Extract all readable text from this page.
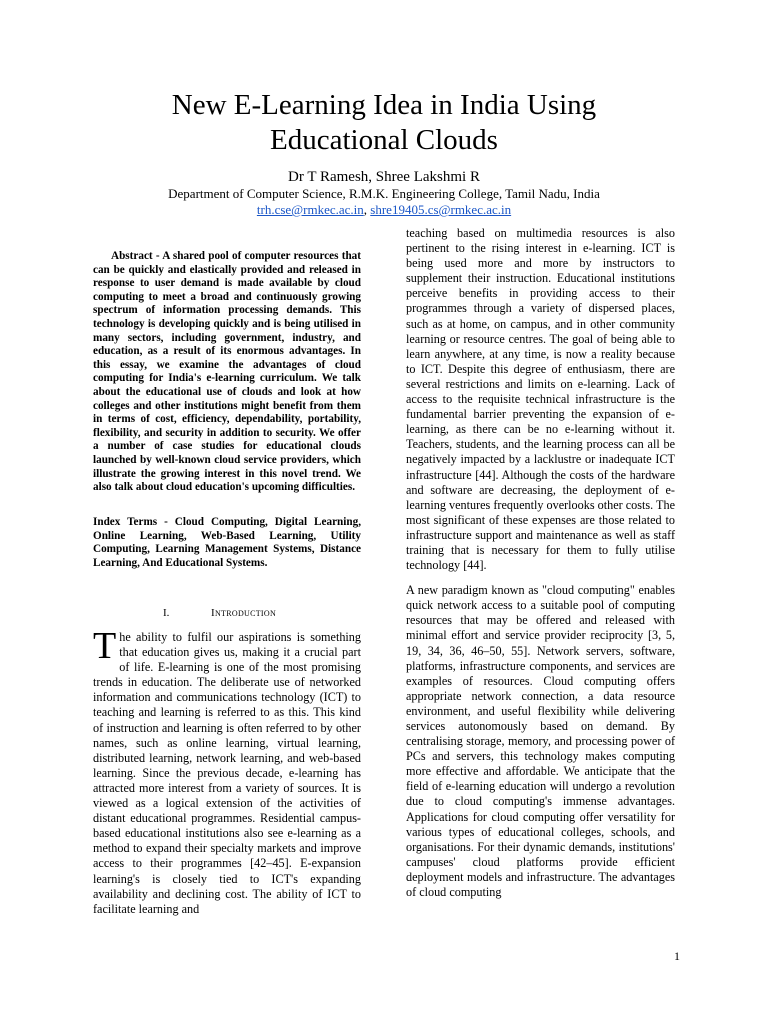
New E-Learning Idea in India Using
Educational Clouds
Dr T Ramesh, Shree Lakshmi R
Department of Computer Science, R.M.K. Engineering College, Tamil Nadu, India
trh.cse@rmkec.ac.in, shre19405.cs@rmkec.ac.in

Abstract - A shared pool of computer resources that can be quickly and elastically provided and released in response to user demand is made available by cloud computing to meet a broad and continuously growing spectrum of information processing demands. This technology is developing quickly and is being utilised in many sectors, including government, industry, and education, as a result of its enormous advantages. In this essay, we examine the advantages of cloud computing for India's e-learning curriculum. We talk about the educational use of clouds and look at how colleges and other institutions might benefit from them in terms of cost, efficiency, dependability, portability, flexibility, and security in addition to security. We offer a number of case studies for educational clouds launched by well-known cloud service providers, which illustrate the growing interest in this novel trend. We also talk about cloud education's upcoming difficulties.

Index Terms - Cloud Computing, Digital Learning, Online Learning, Web-Based Learning, Utility Computing, Learning Management Systems, Distance Learning, And Educational Systems.

I.	Introduction
The ability to fulfil our aspirations is something that education gives us, making it a crucial part of life. E-learning is one of the most promising trends in education. The deliberate use of networked information and communications technology (ICT) to teaching and learning is referred to as this. This kind of instruction and learning is often referred to by other names, such as online learning, virtual learning, distributed learning, network learning, and web-based learning. Since the previous decade, e-learning has attracted more interest from a variety of sources. It is viewed as a logical extension of the activities of distant educational programmes. Residential campus-based educational institutions also see e-learning as a method to expand their specialty markets and improve access to their programmes [42–45]. E-expansion learning's is closely tied to ICT's expanding availability and declining cost. The ability of ICT to facilitate learning and

teaching based on multimedia resources is also pertinent to the rising interest in e-learning. ICT is being used more and more by instructors to supplement their instruction. Educational institutions perceive benefits in providing access to their programmes through a variety of dispersed places, such as at home, on campus, and in other community learning or resource centres. The goal of being able to learn anywhere, at any time, is now a reality because to ICT. Despite this degree of enthusiasm, there are several restrictions and limits on e-learning. Lack of access to the requisite technical infrastructure is the fundamental barrier preventing the expansion of e-learning, as there can be no e-learning without it. Teachers, students, and the learning process can all be negatively impacted by a lacklustre or inadequate ICT infrastructure [44]. Although the costs of the hardware and software are decreasing, the deployment of e-learning ventures frequently overlooks other costs. The most significant of these expenses are those related to infrastructure support and maintenance as well as staff training that is necessary for them to fully utilise technology [44].

A new paradigm known as "cloud computing" enables quick network access to a suitable pool of computing resources that may be offered and released with minimal effort and service provider reciprocity [3, 5, 19, 34, 36, 46–50, 55]. Network servers, software, platforms, infrastructure components, and services are examples of resources. Cloud computing offers appropriate network connection, a data resource environment, and useful flexibility while delivering services autonomously based on demand. By centralising storage, memory, and processing power of PCs and servers, this technology makes computing more effective and affordable. We anticipate that the field of e-learning education will undergo a revolution due to cloud computing's immense advantages. Applications for cloud computing offer versatility for various types of educational colleges, schools, and organisations. For their dynamic demands, institutions' campuses' cloud platforms provide efficient deployment models and infrastructure. The advantages of cloud computing

1
